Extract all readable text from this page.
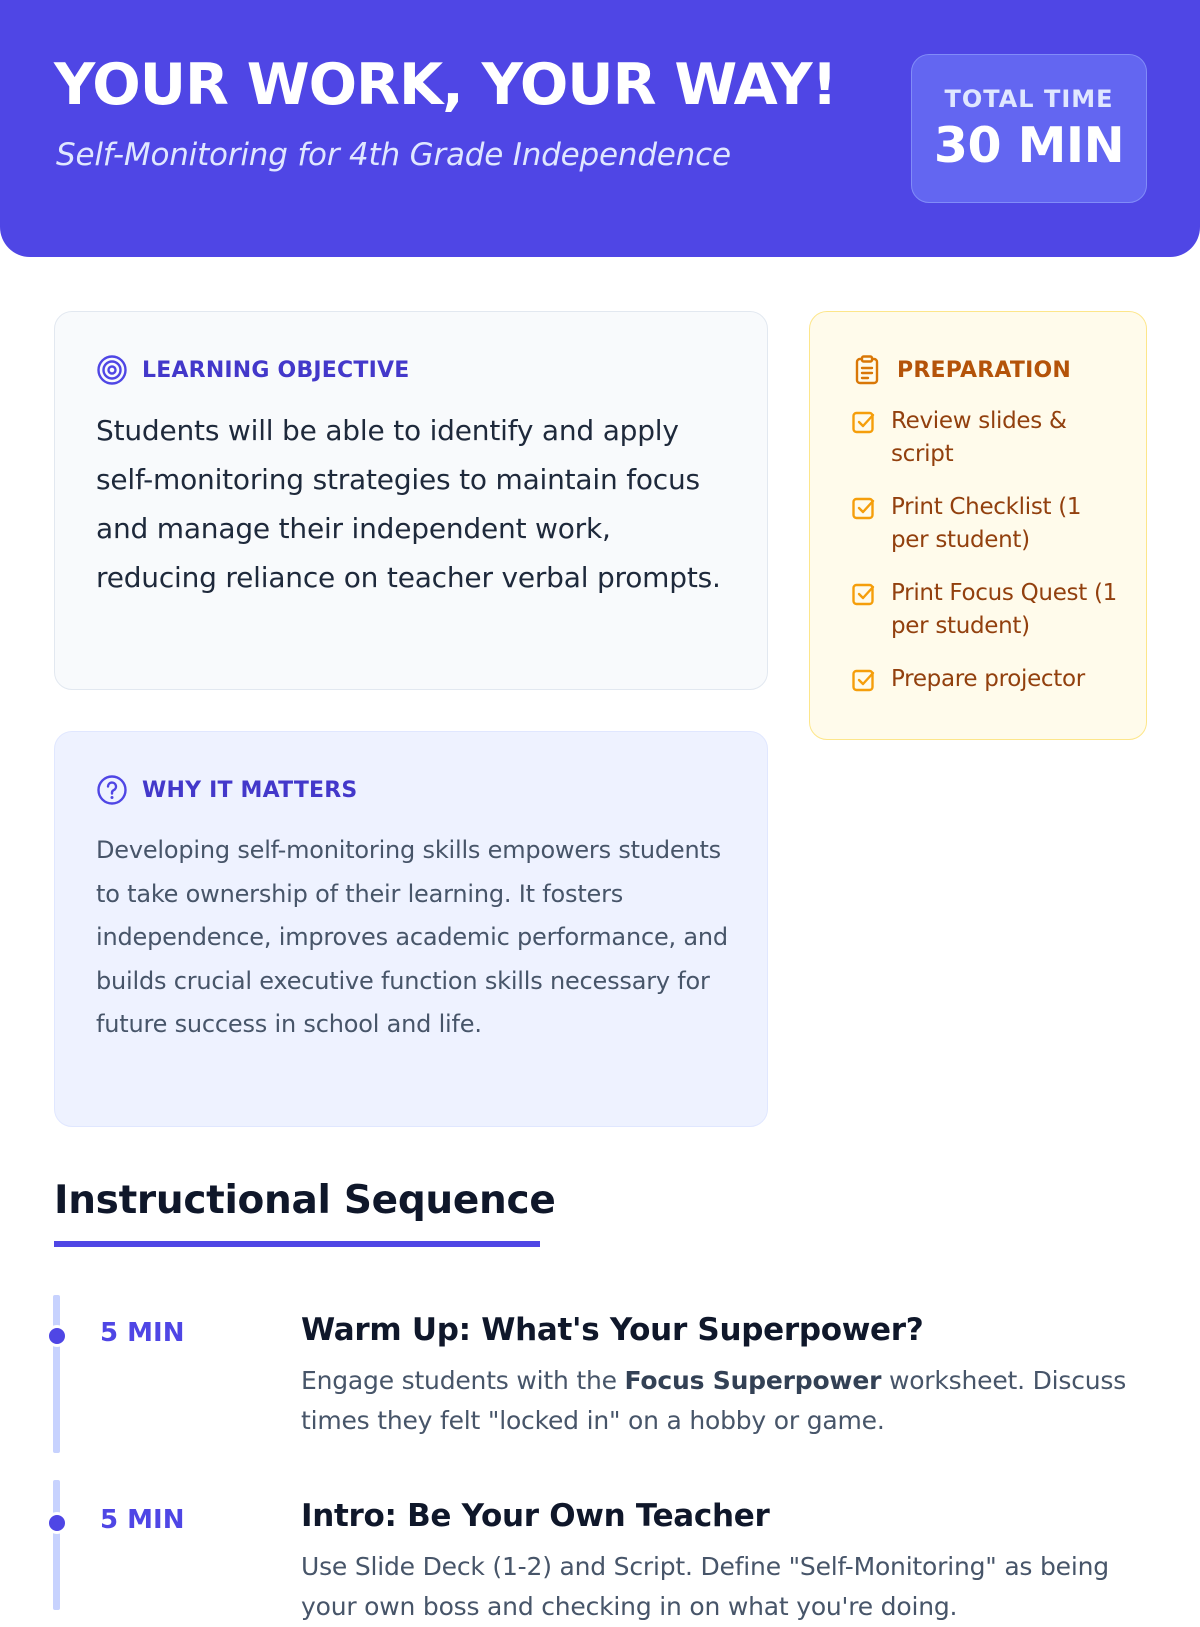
YOUR WORK, YOUR WAY!
Self-Monitoring for 4th Grade Independence
TOTAL TIME
30 MIN
LEARNING OBJECTIVE

Students will be able to identify and apply self-monitoring strategies to maintain focus and manage their independent work, reducing reliance on teacher verbal prompts.

WHY IT MATTERS

Developing self-monitoring skills empowers students to take ownership of their learning. It fosters independence, improves academic performance, and builds crucial executive function skills necessary for future success in school and life.

PREPARATION
Review slides & script
Print Checklist (1 per student)
Print Focus Quest (1 per student)
Prepare projector
Instructional Sequence
5 MIN	Warm Up: What's Your Superpower?

Engage students with the Focus Superpower worksheet. Discuss times they felt "locked in" on a hobby or game.

5 MIN	Intro: Be Your Own Teacher

Use Slide Deck (1-2) and Script. Define "Self-Monitoring" as being your own boss and checking in on what you're doing.
